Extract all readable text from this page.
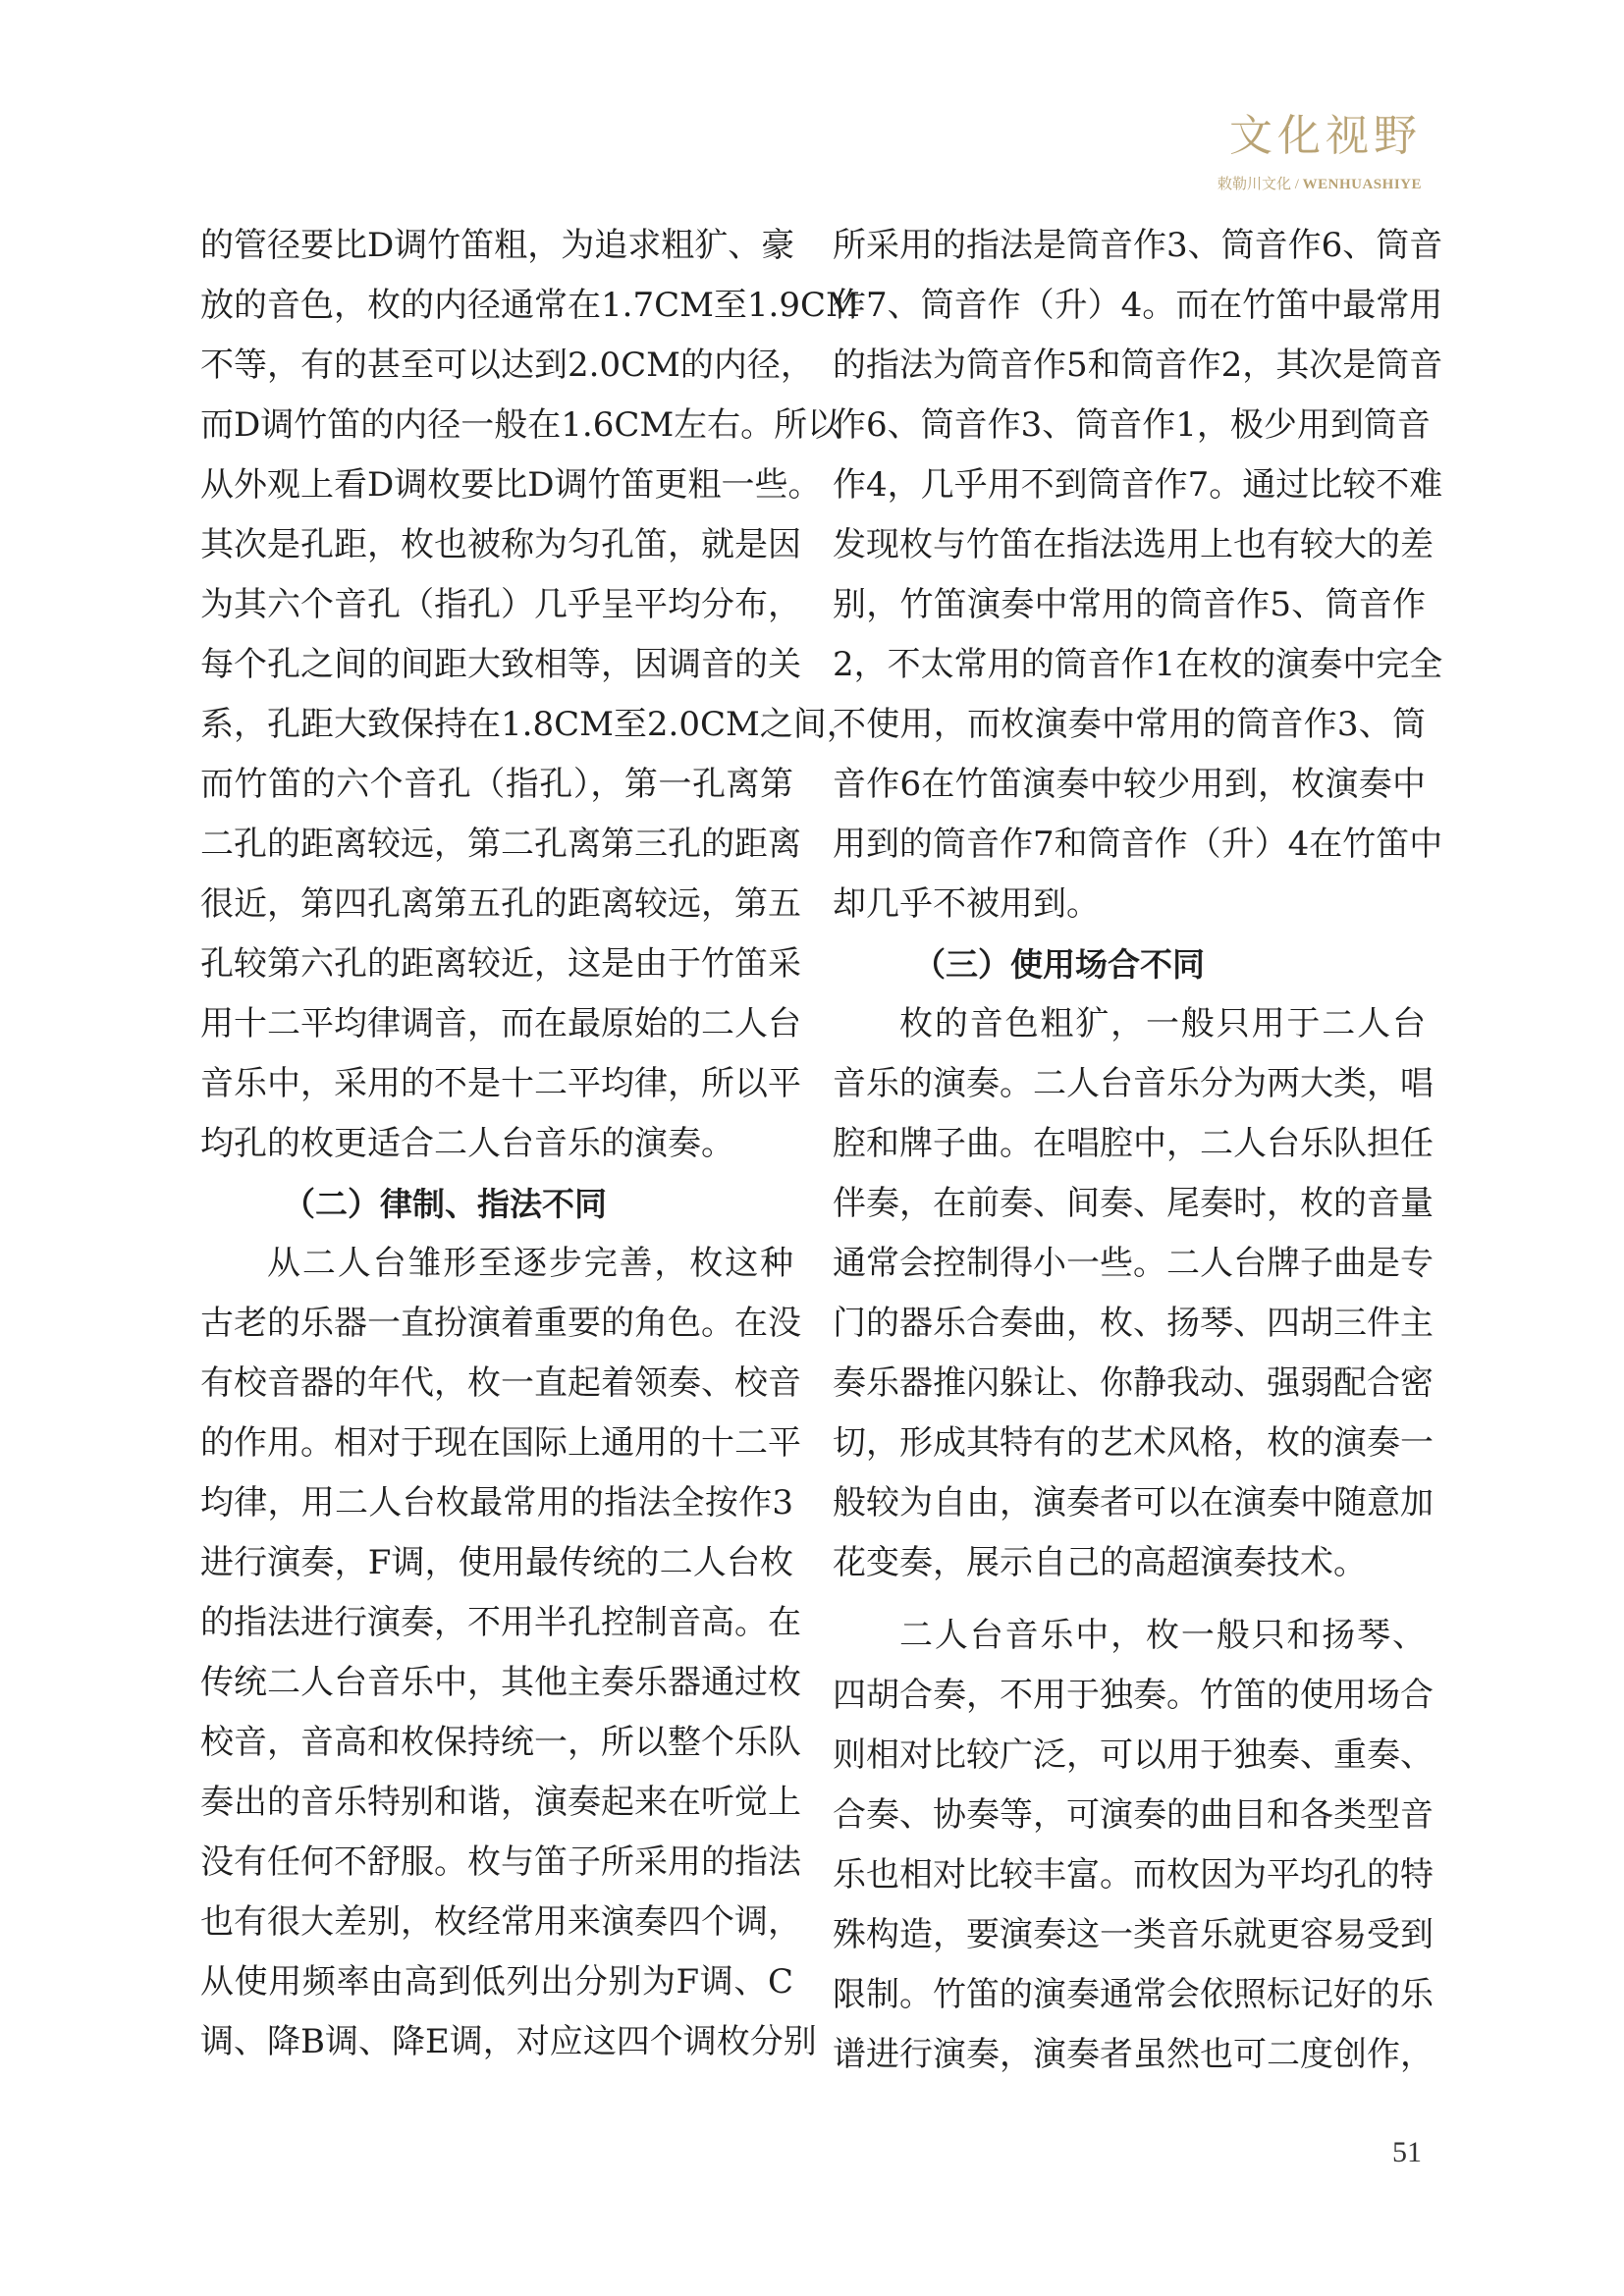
文化视野
敕勒川文化 / WENHUASHIYE
的管径要比D调竹笛粗，为追求粗犷、豪
放的音色，枚的内径通常在1.7CM至1.9CM
不等，有的甚至可以达到2.0CM的内径，
而D调竹笛的内径一般在1.6CM左右。所以
从外观上看D调枚要比D调竹笛更粗一些。
其次是孔距，枚也被称为匀孔笛，就是因
为其六个音孔（指孔）几乎呈平均分布，
每个孔之间的间距大致相等，因调音的关
系，孔距大致保持在1.8CM至2.0CM之间，
而竹笛的六个音孔（指孔），第一孔离第
二孔的距离较远，第二孔离第三孔的距离
很近，第四孔离第五孔的距离较远，第五
孔较第六孔的距离较近，这是由于竹笛采
用十二平均律调音，而在最原始的二人台
音乐中，采用的不是十二平均律，所以平
均孔的枚更适合二人台音乐的演奏。
（二）律制、指法不同
从二人台雏形至逐步完善，枚这种
古老的乐器一直扮演着重要的角色。在没
有校音器的年代，枚一直起着领奏、校音
的作用。相对于现在国际上通用的十二平
均律，用二人台枚最常用的指法全按作3
进行演奏，F调，使用最传统的二人台枚
的指法进行演奏，不用半孔控制音高。在
传统二人台音乐中，其他主奏乐器通过枚
校音，音高和枚保持统一，所以整个乐队
奏出的音乐特别和谐，演奏起来在听觉上
没有任何不舒服。枚与笛子所采用的指法
也有很大差别，枚经常用来演奏四个调，
从使用频率由高到低列出分别为F调、C
调、降B调、降E调，对应这四个调枚分别
所采用的指法是筒音作3、筒音作6、筒音
作7、筒音作（升）4。而在竹笛中最常用
的指法为筒音作5和筒音作2，其次是筒音
作6、筒音作3、筒音作1，极少用到筒音
作4，几乎用不到筒音作7。通过比较不难
发现枚与竹笛在指法选用上也有较大的差
别，竹笛演奏中常用的筒音作5、筒音作
2，不太常用的筒音作1在枚的演奏中完全
不使用，而枚演奏中常用的筒音作3、筒
音作6在竹笛演奏中较少用到，枚演奏中
用到的筒音作7和筒音作（升）4在竹笛中
却几乎不被用到。
（三）使用场合不同
枚的音色粗犷，一般只用于二人台
音乐的演奏。二人台音乐分为两大类，唱
腔和牌子曲。在唱腔中，二人台乐队担任
伴奏，在前奏、间奏、尾奏时，枚的音量
通常会控制得小一些。二人台牌子曲是专
门的器乐合奏曲，枚、扬琴、四胡三件主
奏乐器推闪躲让、你静我动、强弱配合密
切，形成其特有的艺术风格，枚的演奏一
般较为自由，演奏者可以在演奏中随意加
花变奏，展示自己的高超演奏技术。
二人台音乐中，枚一般只和扬琴、
四胡合奏，不用于独奏。竹笛的使用场合
则相对比较广泛，可以用于独奏、重奏、
合奏、协奏等，可演奏的曲目和各类型音
乐也相对比较丰富。而枚因为平均孔的特
殊构造，要演奏这一类音乐就更容易受到
限制。竹笛的演奏通常会依照标记好的乐
谱进行演奏，演奏者虽然也可二度创作，
51
